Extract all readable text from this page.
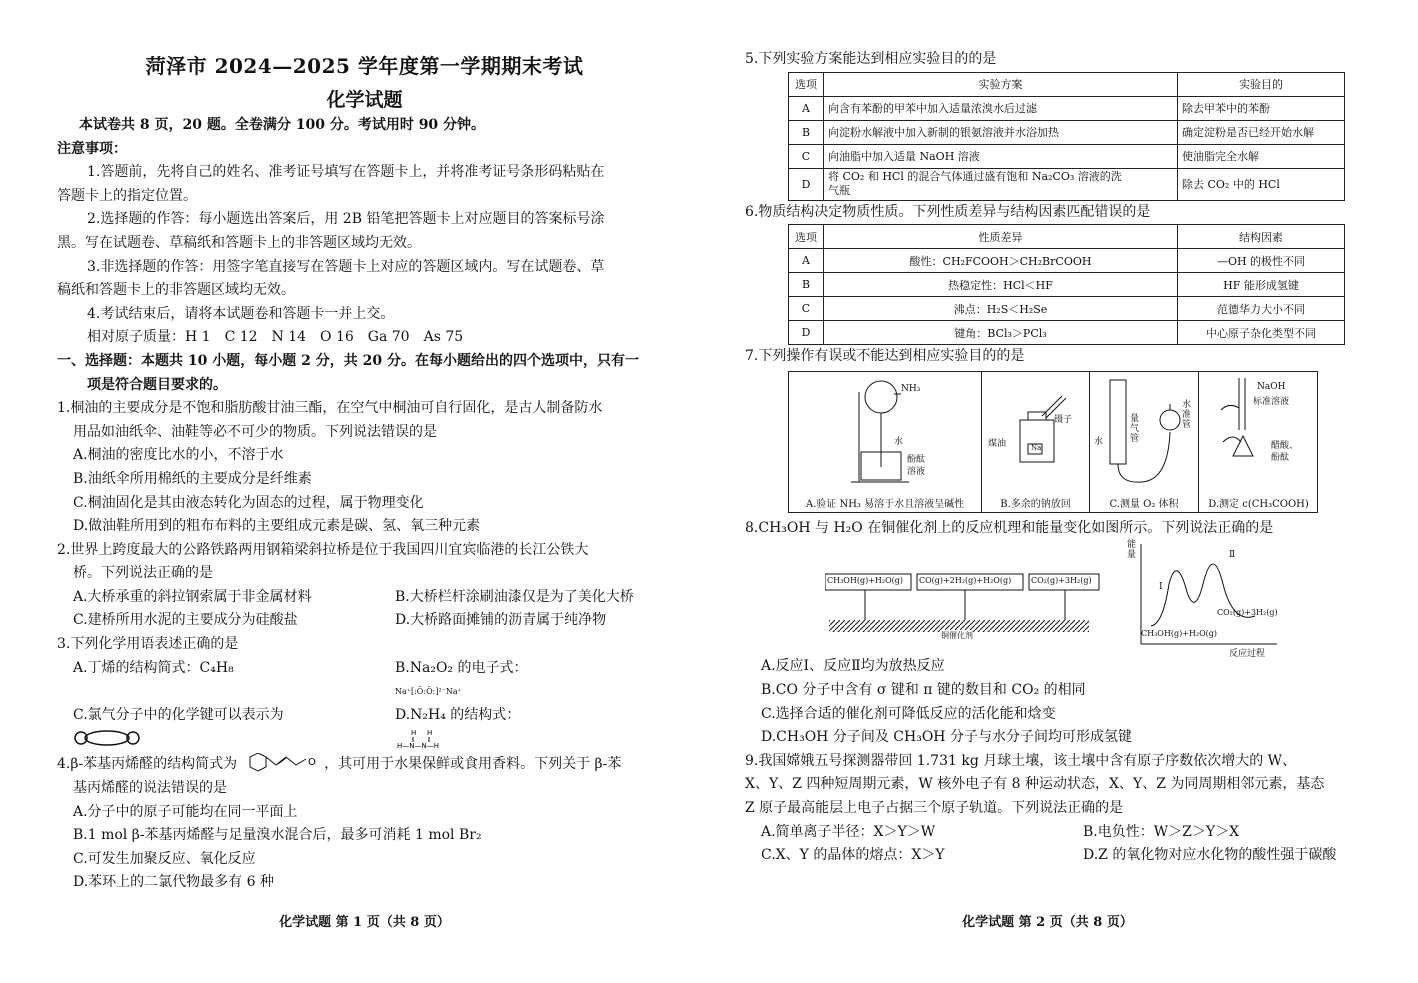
菏泽市 2024—2025 学年度第一学期期末考试
化学试题
本试卷共 8 页，20 题。全卷满分 100 分。考试用时 90 分钟。
注意事项：
1.答题前，先将自己的姓名、准考证号填写在答题卡上，并将准考证号条形码粘贴在
答题卡上的指定位置。
2.选择题的作答：每小题选出答案后，用 2B 铅笔把答题卡上对应题目的答案标号涂
黑。写在试题卷、草稿纸和答题卡上的非答题区域均无效。
3.非选择题的作答：用签字笔直接写在答题卡上对应的答题区域内。写在试题卷、草
稿纸和答题卡上的非答题区域均无效。
4.考试结束后，请将本试题卷和答题卡一并上交。
相对原子质量：H 1　C 12　N 14　O 16　Ga 70　As 75
一、选择题：本题共 10 小题，每小题 2 分，共 20 分。在每小题给出的四个选项中，只有一
项是符合题目要求的。
1.桐油的主要成分是不饱和脂肪酸甘油三酯，在空气中桐油可自行固化，是古人制备防水
用品如油纸伞、油鞋等必不可少的物质。下列说法错误的是
A.桐油的密度比水的小，不溶于水
B.油纸伞所用棉纸的主要成分是纤维素
C.桐油固化是其由液态转化为固态的过程，属于物理变化
D.做油鞋所用到的粗布布料的主要组成元素是碳、氢、氧三种元素
2.世界上跨度最大的公路铁路两用钢箱梁斜拉桥是位于我国四川宜宾临港的长江公铁大
桥。下列说法正确的是
A.大桥承重的斜拉钢索属于非金属材料	B.大桥栏杆涂刷油漆仅是为了美化大桥
C.建桥所用水泥的主要成分为硅酸盐	D.大桥路面摊铺的沥青属于纯净物
3.下列化学用语表述正确的是
A.丁烯的结构简式：C₄H₈	B.Na₂O₂ 的电子式：
Na⁺[:Ö:Ö:]²⁻Na⁺
C.氯气分子中的化学键可以表示为	D.N₂H₄ 的结构式：
H H
H—N—N—H
4.β-苯基丙烯醛的结构简式为	O ，其可用于水果保鲜或食用香料。下列关于 β-苯
基丙烯醛的说法错误的是
A.分子中的原子可能均在同一平面上
B.1 mol β-苯基丙烯醛与足量溴水混合后，最多可消耗 1 mol Br₂
C.可发生加聚反应、氧化反应
D.苯环上的二氯代物最多有 6 种
化学试题 第 1 页（共 8 页）
5.下列实验方案能达到相应实验目的的是
选项	实验方案	实验目的
A	向含有苯酚的甲苯中加入适量浓溴水后过滤	除去甲苯中的苯酚
B	向淀粉水解液中加入新制的银氨溶液并水浴加热	确定淀粉是否已经开始水解
C	向油脂中加入适量 NaOH 溶液	使油脂完全水解
D	将 CO₂ 和 HCl 的混合气体通过盛有饱和 Na₂CO₃ 溶液的洗
气瓶	除去 CO₂ 中的 HCl
6.物质结构决定物质性质。下列性质差异与结构因素匹配错误的是
选项	性质差异	结构因素
A	酸性：CH₂FCOOH＞CH₂BrCOOH	—OH 的极性不同
B	热稳定性：HCl＜HF	HF 能形成氢键
C	沸点：H₂S＜H₂Se	范德华力大小不同
D	键角：BCl₃＞PCl₃	中心原子杂化类型不同
7.下列操作有误或不能达到相应实验目的的是
NH₃
水
酚酞
溶液
A.验证 NH₃ 易溶于水且溶液呈碱性
镊子
煤油	Na
B.多余的钠放回
水
量气管
水准管
C.测量 O₂ 体积
NaOH
标准溶液
醋酸、
酚酞
D.测定 c(CH₃COOH)
8.CH₃OH 与 H₂O 在铜催化剂上的反应机理和能量变化如图所示。下列说法正确的是
CH₃OH(g)+H₂O(g) CO(g)+2H₂(g)+H₂O(g) CO₂(g)+3H₂(g)
铜催化剂
能量
反应过程
Ⅰ
Ⅱ
CH₃OH(g)+H₂O(g)
CO₂(g)+3H₂(g)
A.反应Ⅰ、反应Ⅱ均为放热反应
B.CO 分子中含有 σ 键和 π 键的数目和 CO₂ 的相同
C.选择合适的催化剂可降低反应的活化能和焓变
D.CH₃OH 分子间及 CH₃OH 分子与水分子间均可形成氢键
9.我国嫦娥五号探测器带回 1.731 kg 月球土壤，该土壤中含有原子序数依次增大的 W、
X、Y、Z 四种短周期元素，W 核外电子有 8 种运动状态，X、Y、Z 为同周期相邻元素，基态
Z 原子最高能层上电子占据三个原子轨道。下列说法正确的是
A.简单离子半径：X＞Y＞W	B.电负性：W＞Z＞Y＞X
C.X、Y 的晶体的熔点：X＞Y	D.Z 的氧化物对应水化物的酸性强于碳酸
化学试题 第 2 页（共 8 页）
